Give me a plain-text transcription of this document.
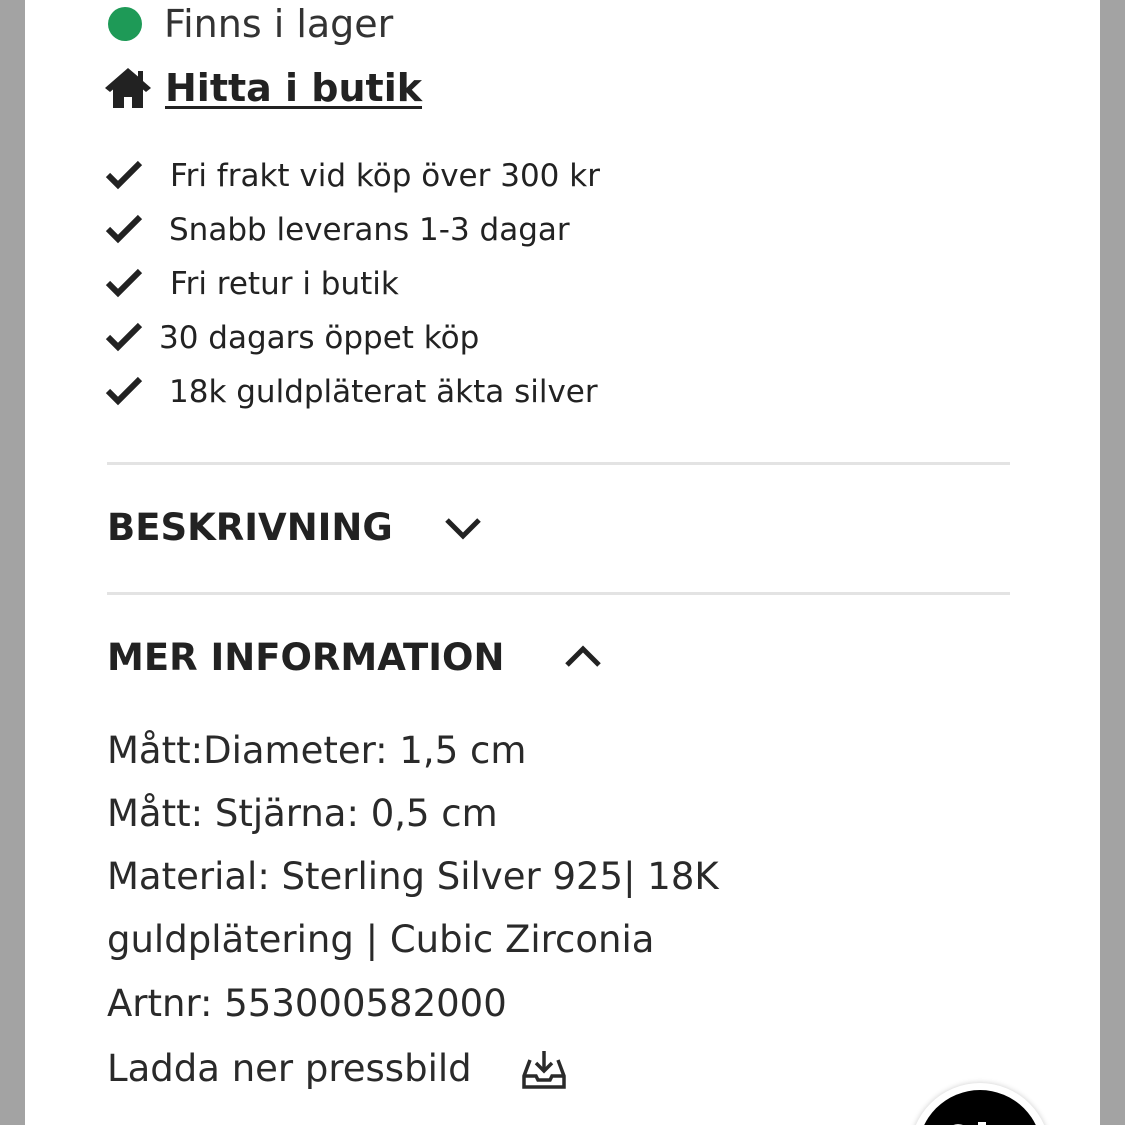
Finns i lager
Hitta i butik
Fri frakt vid köp över 300 kr
Snabb leverans 1-3 dagar
Fri retur i butik
30 dagars öppet köp
18k guldpläterat äkta silver
BESKRIVNING
MER INFORMATION
Mått:Diameter: 1,5 cm
Mått: Stjärna: 0,5 cm
Material: Sterling Silver 925| 18K
guldplätering | Cubic Zirconia
Artnr: 553000582000
Ladda ner pressbild
